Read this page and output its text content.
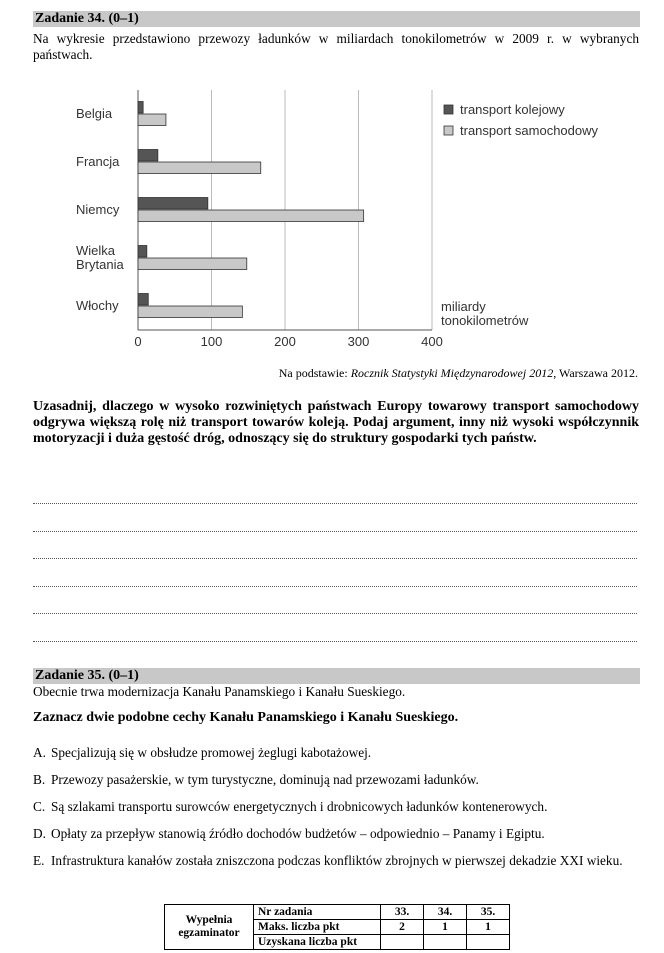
Zadanie 34. (0–1)
Na wykresie przedstawiono przewozy ładunków w miliardach tonokilometrów w 2009 r. w wybranych państwach.
0	100	200	300	400
Belgia
Francja
Niemcy
Wielka
Brytania
Włochy
transport kolejowy
transport samochodowy
miliardy
tonokilometrów
Na podstawie: Rocznik Statystyki Międzynarodowej 2012, Warszawa 2012.
Uzasadnij, dlaczego w wysoko rozwiniętych państwach Europy towarowy transport samochodowy odgrywa większą rolę niż transport towarów koleją. Podaj argument, inny niż wysoki współczynnik motoryzacji i duża gęstość dróg, odnoszący się do struktury gospodarki tych państw.
Zadanie 35. (0–1)
Obecnie trwa modernizacja Kanału Panamskiego i Kanału Sueskiego.
Zaznacz dwie podobne cechy Kanału Panamskiego i Kanału Sueskiego.
A. Specjalizują się w obsłudze promowej żeglugi kabotażowej.
B. Przewozy pasażerskie, w tym turystyczne, dominują nad przewozami ładunków.
C. Są szlakami transportu surowców energetycznych i drobnicowych ładunków kontenerowych.
D. Opłaty za przepływ stanowią źródło dochodów budżetów – odpowiednio – Panamy i Egiptu.
E. Infrastruktura kanałów została zniszczona podczas konfliktów zbrojnych w pierwszej dekadzie XXI wieku.
Wypełnia egzaminator	Nr zadania	33.	34.	35.
	Maks. liczba pkt	2	1	1
	Uzyskana liczba pkt			
